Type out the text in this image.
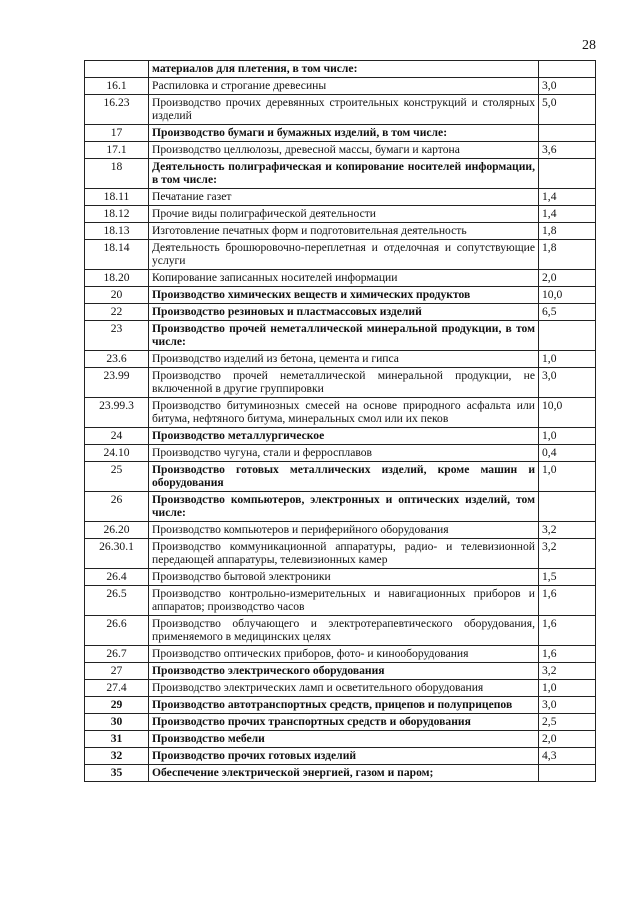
28
	материалов для плетения, в том числе:	
16.1	Распиловка и строгание древесины	3,0
16.23	Производство прочих деревянных строительных конструкций и столярных изделий	5,0
17	Производство бумаги и бумажных изделий, в том числе:	
17.1	Производство целлюлозы, древесной массы, бумаги и картона	3,6
18	Деятельность полиграфическая и копирование носителей информации, в том числе:	
18.11	Печатание газет	1,4
18.12	Прочие виды полиграфической деятельности	1,4
18.13	Изготовление печатных форм и подготовительная деятельность	1,8
18.14	Деятельность брошюровочно-переплетная и отделочная и сопутствующие услуги	1,8
18.20	Копирование записанных носителей информации	2,0
20	Производство химических веществ и химических продуктов	10,0
22	Производство резиновых и пластмассовых изделий	6,5
23	Производство прочей неметаллической минеральной продукции, в том числе:	
23.6	Производство изделий из бетона, цемента и гипса	1,0
23.99	Производство прочей неметаллической минеральной продукции, не включенной в другие группировки	3,0
23.99.3	Производство битуминозных смесей на основе природного асфальта или битума, нефтяного битума, минеральных смол или их пеков	10,0
24	Производство металлургическое	1,0
24.10	Производство чугуна, стали и ферросплавов	0,4
25	Производство готовых металлических изделий, кроме машин и оборудования	1,0
26	Производство компьютеров, электронных и оптических изделий, том числе:	
26.20	Производство компьютеров и периферийного оборудования	3,2
26.30.1	Производство коммуникационной аппаратуры, радио- и телевизионной передающей аппаратуры, телевизионных камер	3,2
26.4	Производство бытовой электроники	1,5
26.5	Производство контрольно-измерительных и навигационных приборов и аппаратов; производство часов	1,6
26.6	Производство облучающего и электротерапевтического оборудования, применяемого в медицинских целях	1,6
26.7	Производство оптических приборов, фото- и кинооборудования	1,6
27	Производство электрического оборудования	3,2
27.4	Производство электрических ламп и осветительного оборудования	1,0
29	Производство автотранспортных средств, прицепов и полуприцепов	3,0
30	Производство прочих транспортных средств и оборудования	2,5
31	Производство мебели	2,0
32	Производство прочих готовых изделий	4,3
35	Обеспечение электрической энергией, газом и паром;	
